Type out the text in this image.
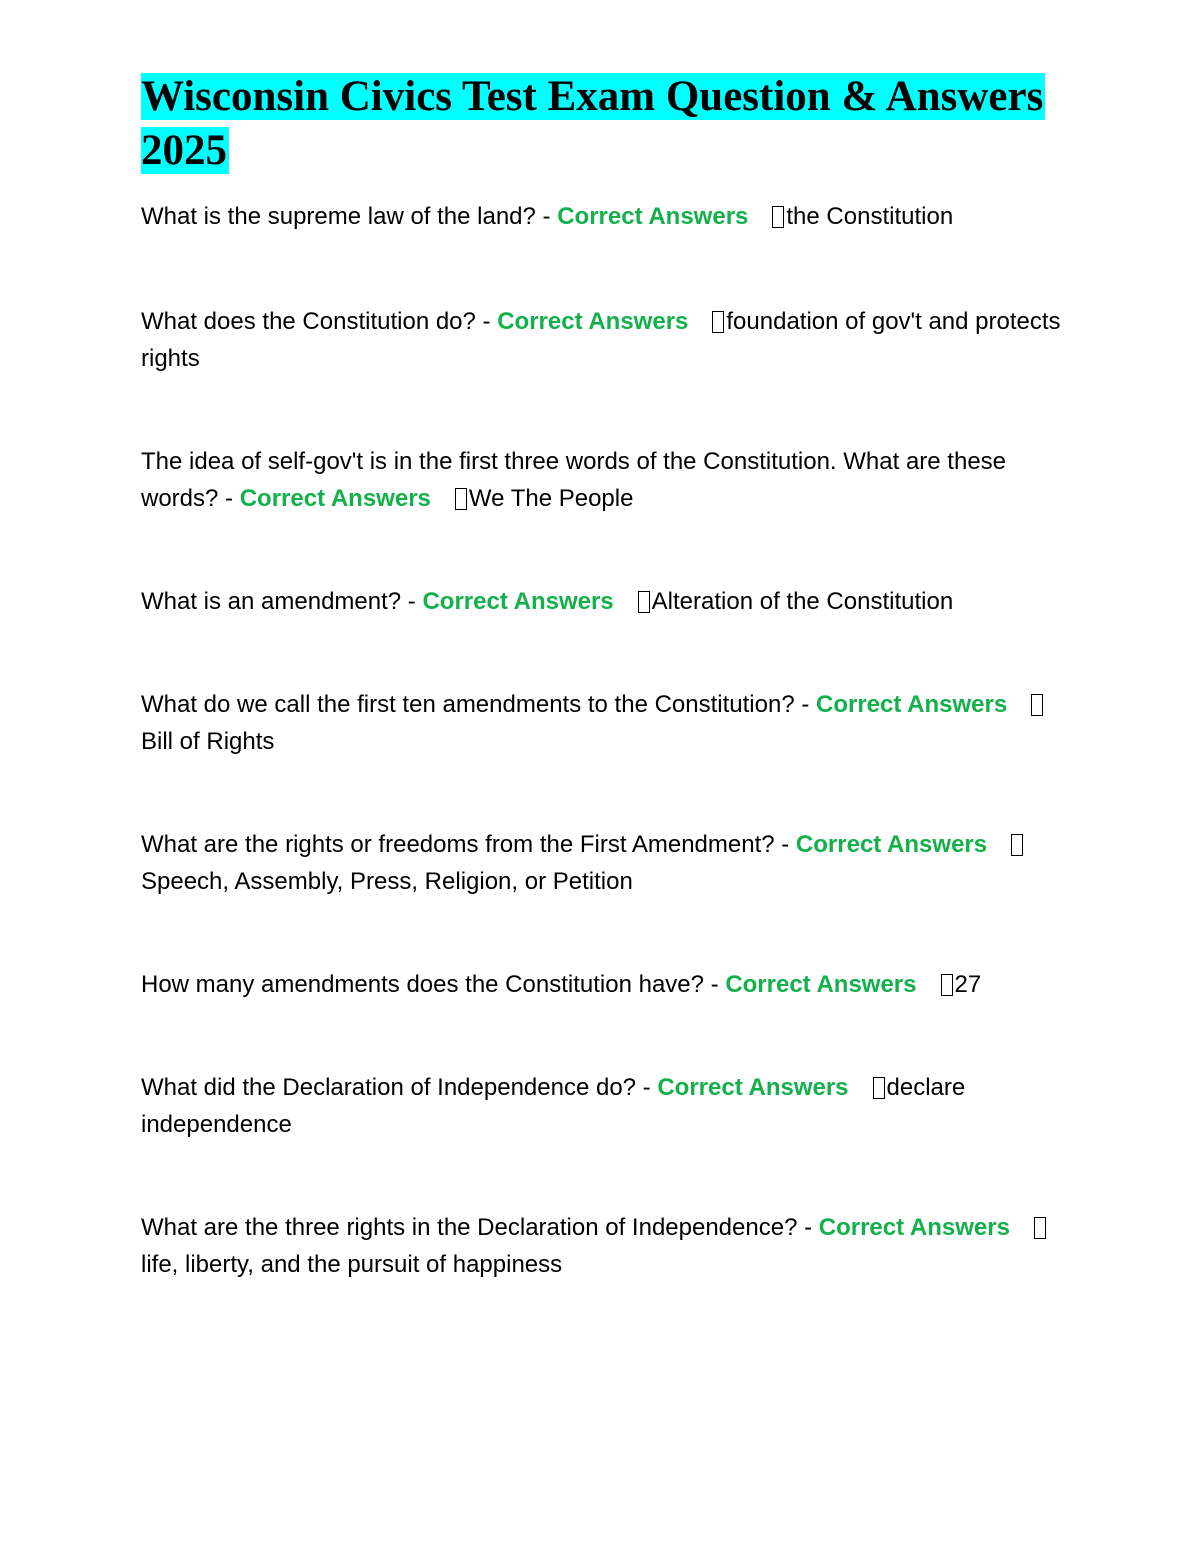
Wisconsin Civics Test Exam Question & Answers 2025

What is the supreme law of the land? - Correct Answers the Constitution

What does the Constitution do? - Correct Answers foundation of gov't and protects rights

The idea of self-gov't is in the first three words of the Constitution. What are these words? - Correct Answers We The People

What is an amendment? - Correct Answers Alteration of the Constitution

What do we call the first ten amendments to the Constitution? - Correct AnswersBill of Rights

What are the rights or freedoms from the First Amendment? - Correct AnswersSpeech, Assembly, Press, Religion, or Petition

How many amendments does the Constitution have? - Correct Answers 27

What did the Declaration of Independence do? - Correct Answers declare independence

What are the three rights in the Declaration of Independence? - Correct Answerslife, liberty, and the pursuit of happiness
